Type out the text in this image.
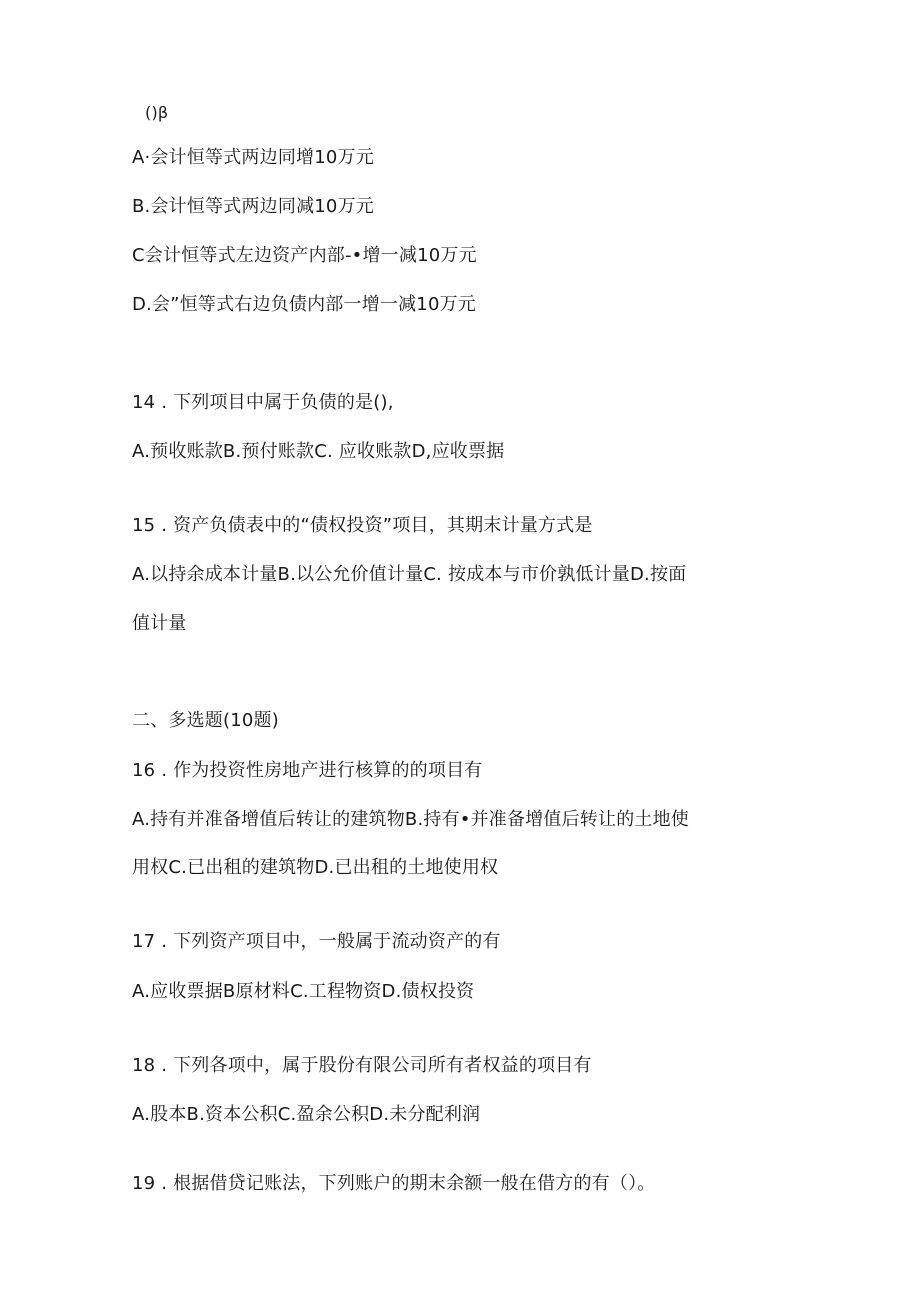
()β
A·会计恒等式两边同增10万元
B.会计恒等式两边同减10万元
C会计恒等式左边资产内部-•增一减10万元
D.会”恒等式右边负债内部一增一减10万元
14 . 下列项目中属于负债的是(),
A.预收账款B.预付账款C. 应收账款D,应收票据
15 . 资产负债表中的“债权投资”项目，其期末计量方式是
A.以持余成本计量B.以公允价值计量C. 按成本与市价孰低计量D.按面
值计量
二、多选题(10题)
16 . 作为投资性房地产进行核算的的项目有
A.持有并准备增值后转让的建筑物B.持有•并准备增值后转让的土地使
用权C.已出租的建筑物D.已出租的土地使用权
17 . 下列资产项目中，一般属于流动资产的有
A.应收票据B原材料C.工程物资D.债权投资
18 . 下列各项中，属于股份有限公司所有者权益的项目有
A.股本B.资本公积C.盈余公积D.未分配利润
19 . 根据借贷记账法，下列账户的期末余额一般在借方的有（）。
